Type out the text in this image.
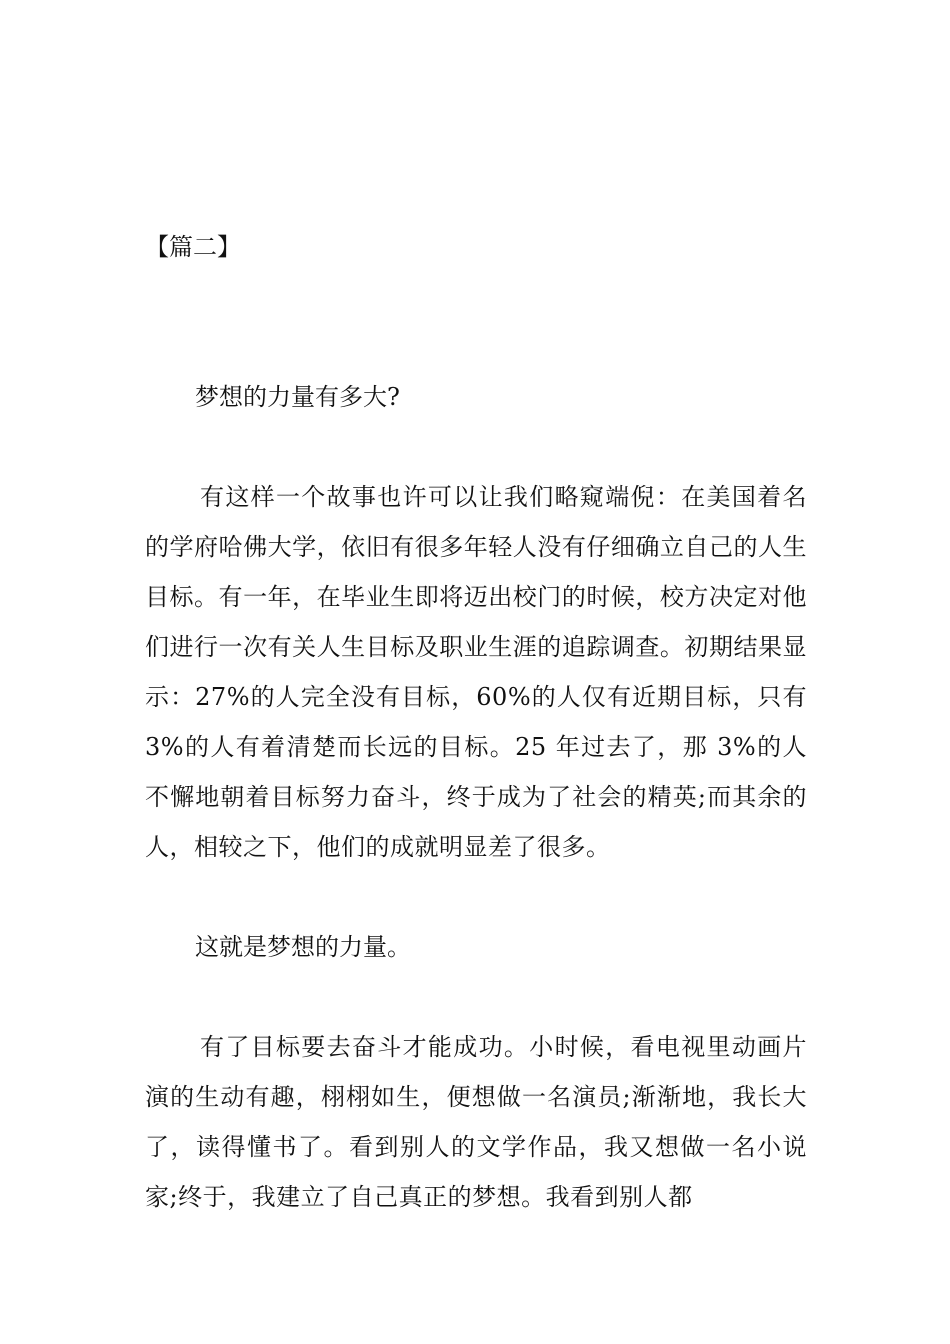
【篇二】
梦想的力量有多大?
有这样一个故事也许可以让我们略窥端倪：在美国着名的学府哈佛大学，依旧有很多年轻人没有仔细确立自己的人生目标。有一年，在毕业生即将迈出校门的时候，校方决定对他们进行一次有关人生目标及职业生涯的追踪调查。初期结果显示：27%的人完全没有目标，60%的人仅有近期目标，只有 3%的人有着清楚而长远的目标。25 年过去了，那 3%的人不懈地朝着目标努力奋斗，终于成为了社会的精英;而其余的人，相较之下，他们的成就明显差了很多。
这就是梦想的力量。
有了目标要去奋斗才能成功。小时候，看电视里动画片演的生动有趣，栩栩如生，便想做一名演员;渐渐地，我长大了，读得懂书了。看到别人的文学作品，我又想做一名小说家;终于，我建立了自己真正的梦想。我看到别人都
